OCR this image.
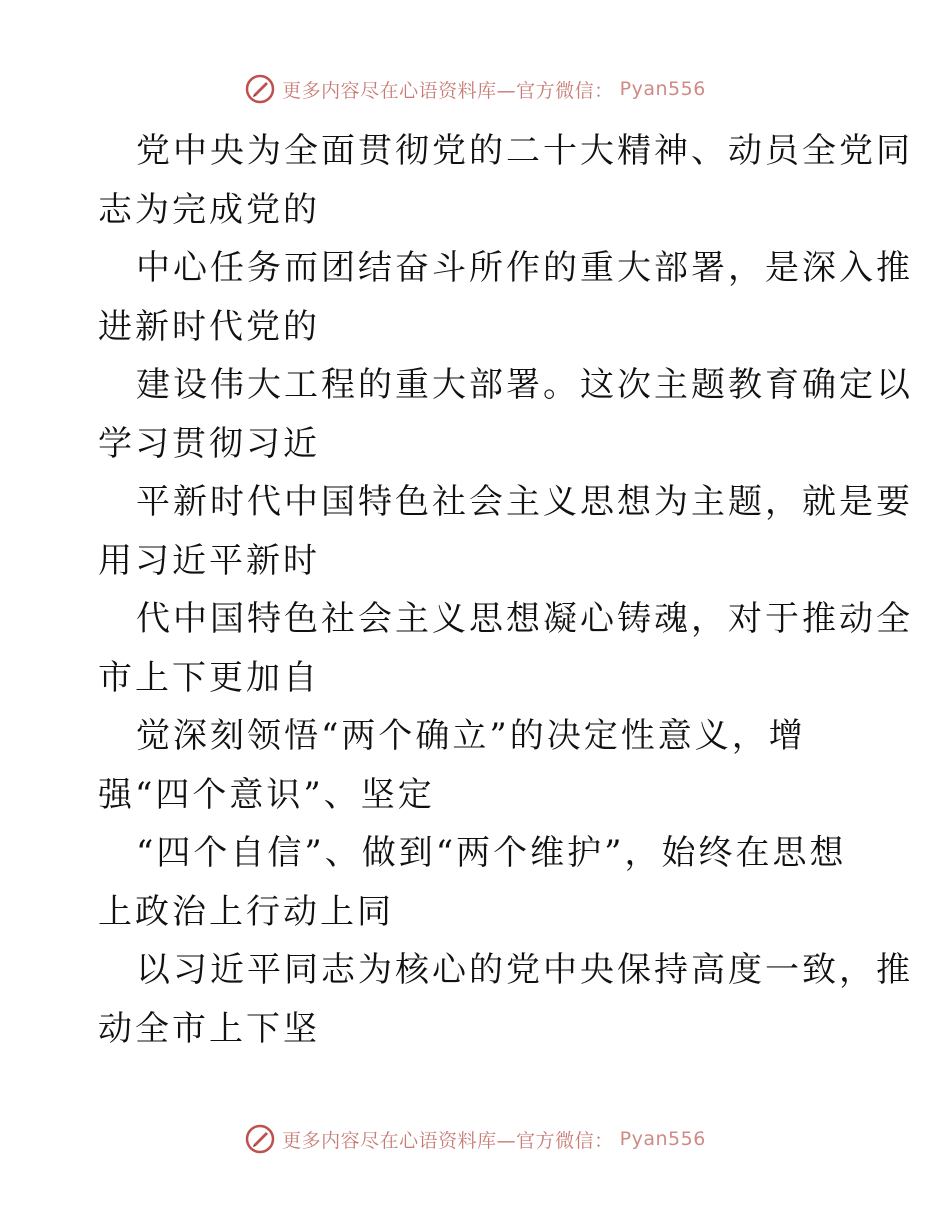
更多内容尽在心语资料库—官方微信： Pyan556
党中央为全面贯彻党的二十大精神、动员全党同
志为完成党的
中心任务而团结奋斗所作的重大部署，是深入推
进新时代党的
建设伟大工程的重大部署。这次主题教育确定以
学习贯彻习近
平新时代中国特色社会主义思想为主题，就是要
用习近平新时
代中国特色社会主义思想凝心铸魂，对于推动全
市上下更加自
觉深刻领悟“两个确立”的决定性意义，增
强“四个意识”、坚定
“四个自信”、做到“两个维护”，始终在思想
上政治上行动上同
以习近平同志为核心的党中央保持高度一致，推
动全市上下坚
更多内容尽在心语资料库—官方微信： Pyan556
